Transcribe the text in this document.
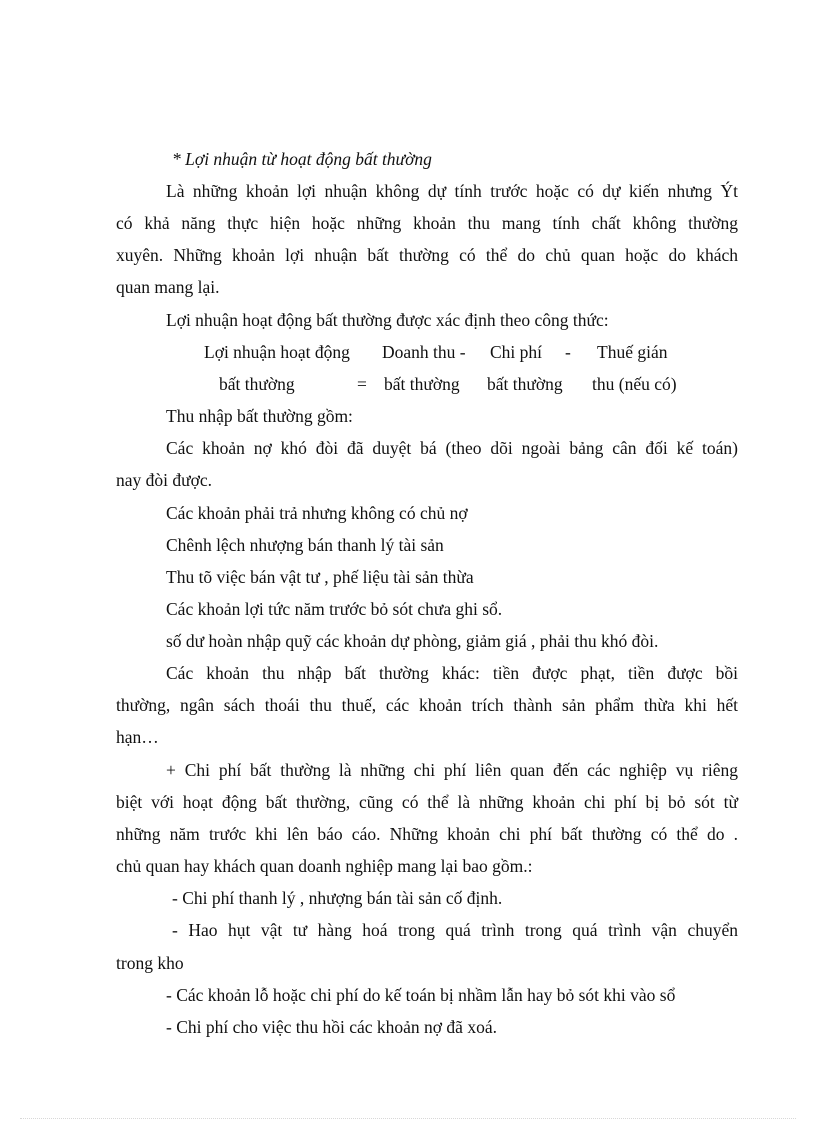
* Lợi nhuận từ hoạt động bất thường
Là những khoản lợi nhuận không dự tính trước hoặc có dự kiến nhưng Ýt
có khả năng thực hiện hoặc những khoản thu mang tính chất không thường
xuyên. Những khoản lợi nhuận bất thường có thể do chủ quan hoặc do khách
quan mang lại.
Lợi nhuận hoạt động bất thường được xác định theo công thức:
Lợi nhuận hoạt động Doanh thu - Chi phí - Thuế gián
bất thường	= bất thường bất thường thu (nếu có)
Thu nhập bất thường gồm:
Các khoản nợ khó đòi đã duyệt bá (theo dõi ngoài bảng cân đối kế toán)
nay đòi được.
Các khoản phải trả nhưng không có chủ nợ
Chênh lệch nhượng bán thanh lý tài sản
Thu tõ việc bán vật tư , phế liệu tài sản thừa
Các khoản lợi tức năm trước bỏ sót chưa ghi sổ.
số dư hoàn nhập quỹ các khoản dự phòng, giảm giá , phải thu khó đòi.
Các khoản thu nhập bất thường khác: tiền được phạt, tiền được bồi
thường, ngân sách thoái thu thuế, các khoản trích thành sản phẩm thừa khi hết
hạn…
+ Chi phí bất thường là những chi phí liên quan đến các nghiệp vụ riêng
biệt với hoạt động bất thường, cũng có thể là những khoản chi phí bị bỏ sót từ
những năm trước khi lên báo cáo. Những khoản chi phí bất thường có thể do .
chủ quan hay khách quan doanh nghiệp mang lại bao gồm.:
- Chi phí thanh lý , nhượng bán tài sản cố định.
- Hao hụt vật tư hàng hoá trong quá trình trong quá trình vận chuyển
trong kho
- Các khoản lỗ hoặc chi phí do kế toán bị nhầm lẫn hay bỏ sót khi vào sổ
- Chi phí cho việc thu hồi các khoản nợ đã xoá.
